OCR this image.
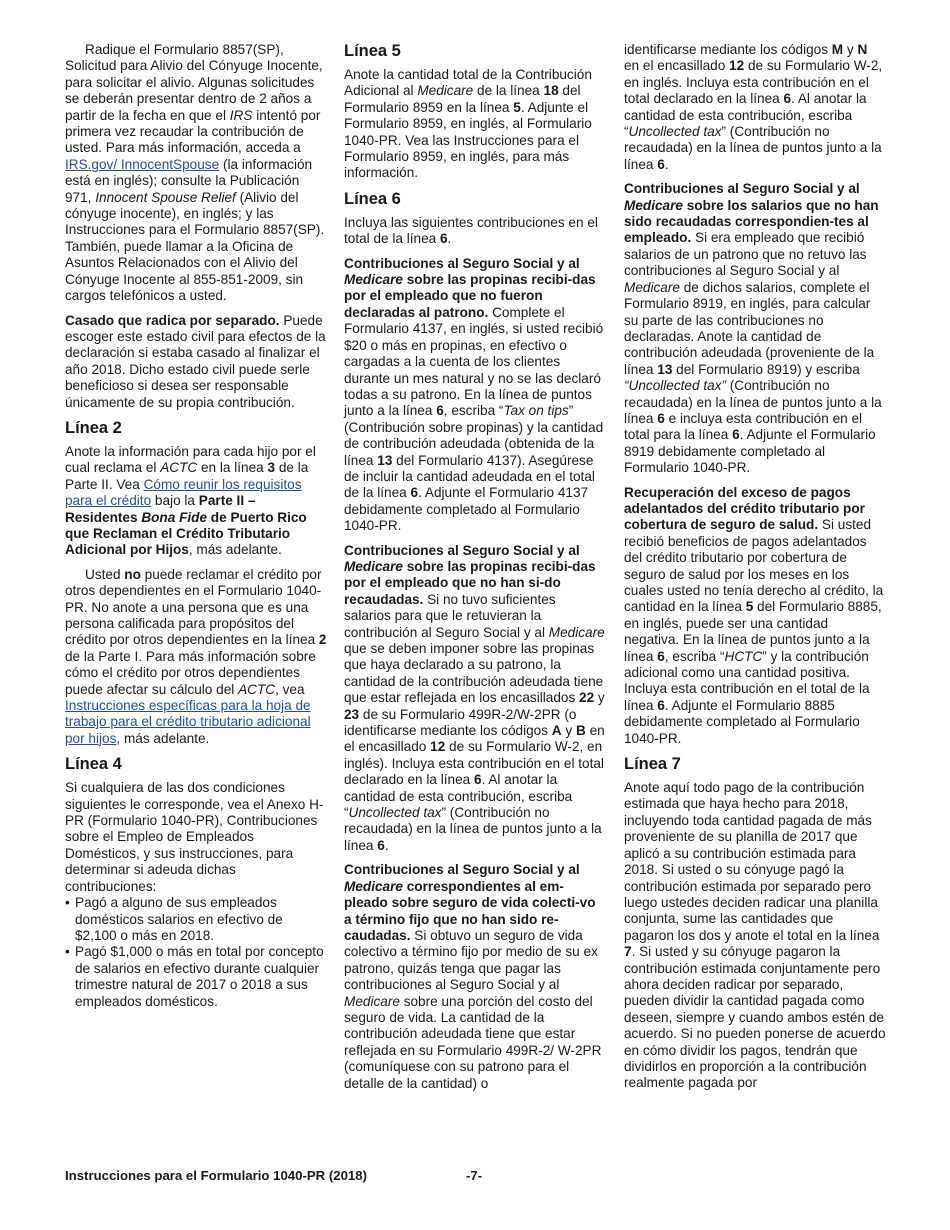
Radique el Formulario 8857(SP), Solicitud para Alivio del Cónyuge Inocente, para solicitar el alivio. Algunas solicitudes se deberán presentar dentro de 2 años a partir de la fecha en que el IRS intentó por primera vez recaudar la contribución de usted. Para más información, acceda a IRS.gov/ InnocentSpouse (la información está en inglés); consulte la Publicación 971, Innocent Spouse Relief (Alivio del cónyuge inocente), en inglés; y las Instrucciones para el Formulario 8857(SP). También, puede llamar a la Oficina de Asuntos Relacionados con el Alivio del Cónyuge Inocente al 855-851-2009, sin cargos telefónicos a usted.

Casado que radica por separado. Puede escoger este estado civil para efectos de la declaración si estaba casado al finalizar el año 2018. Dicho estado civil puede serle beneficioso si desea ser responsable únicamente de su propia contribución.

Línea 2

Anote la información para cada hijo por el cual reclama el ACTC en la línea 3 de la Parte II. Vea Cómo reunir los requisitos para el crédito bajo la Parte II –Residentes Bona Fide de Puerto Rico que Reclaman el Crédito Tributario Adicional por Hijos, más adelante.

Usted no puede reclamar el crédito por otros dependientes en el Formulario 1040-PR. No anote a una persona que es una persona calificada para propósitos del crédito por otros dependientes en la línea 2 de la Parte I. Para más información sobre cómo el crédito por otros dependientes puede afectar su cálculo del ACTC, vea Instrucciones específicas para la hoja de trabajo para el crédito tributario adicional por hijos, más adelante.

Línea 4

Si cualquiera de las dos condiciones siguientes le corresponde, vea el Anexo H-PR (Formulario 1040-PR), Contribuciones sobre el Empleo de Empleados Domésticos, y sus instrucciones, para determinar si adeuda dichas contribuciones:

• Pagó a alguno de sus empleados domésticos salarios en efectivo de $2,100 o más en 2018.
• Pagó $1,000 o más en total por concepto de salarios en efectivo durante cualquier trimestre natural de 2017 o 2018 a sus empleados domésticos.
Línea 5

Anote la cantidad total de la Contribución Adicional al Medicare de la línea 18 del Formulario 8959 en la línea 5. Adjunte el Formulario 8959, en inglés, al Formulario 1040-PR. Vea las Instrucciones para el Formulario 8959, en inglés, para más información.

Línea 6

Incluya las siguientes contribuciones en el total de la línea 6.

Contribuciones al Seguro Social y al Medicare sobre las propinas recibi-das por el empleado que no fueron declaradas al patrono. Complete el Formulario 4137, en inglés, si usted recibió $20 o más en propinas, en efectivo o cargadas a la cuenta de los clientes durante un mes natural y no se las declaró todas a su patrono. En la línea de puntos junto a la línea 6, escriba “Tax on tips” (Contribución sobre propinas) y la cantidad de contribución adeudada (obtenida de la línea 13 del Formulario 4137). Asegúrese de incluir la cantidad adeudada en el total de la línea 6. Adjunte el Formulario 4137 debidamente completado al Formulario 1040-PR.

Contribuciones al Seguro Social y al Medicare sobre las propinas recibi-das por el empleado que no han si-do recaudadas. Si no tuvo suficientes salarios para que le retuvieran la contribución al Seguro Social y al Medicare que se deben imponer sobre las propinas que haya declarado a su patrono, la cantidad de la contribución adeudada tiene que estar reflejada en los encasillados 22 y 23 de su Formulario 499R-2/W-2PR (o identificarse mediante los códigos A y B en el encasillado 12 de su Formulario W-2, en inglés). Incluya esta contribución en el total declarado en la línea 6. Al anotar la cantidad de esta contribución, escriba “Uncollected tax” (Contribución no recaudada) en la línea de puntos junto a la línea 6.

Contribuciones al Seguro Social y al Medicare correspondientes al em-pleado sobre seguro de vida colecti-vo a término fijo que no han sido re-caudadas. Si obtuvo un seguro de vida colectivo a término fijo por medio de su ex patrono, quizás tenga que pagar las contribuciones al Seguro Social y al Medicare sobre una porción del costo del seguro de vida. La cantidad de la contribución adeudada tiene que estar reflejada en su Formulario 499R-2/ W-2PR (comuníquese con su patrono para el detalle de la cantidad) o

identificarse mediante los códigos M y N en el encasillado 12 de su Formulario W-2, en inglés. Incluya esta contribución en el total declarado en la línea 6. Al anotar la cantidad de esta contribución, escriba “Uncollected tax” (Contribución no recaudada) en la línea de puntos junto a la línea 6.

Contribuciones al Seguro Social y al Medicare sobre los salarios que no han sido recaudadas correspondien-tes al empleado. Si era empleado que recibió salarios de un patrono que no retuvo las contribuciones al Seguro Social y al Medicare de dichos salarios, complete el Formulario 8919, en inglés, para calcular su parte de las contribuciones no declaradas. Anote la cantidad de contribución adeudada (proveniente de la línea 13 del Formulario 8919) y escriba “Uncollected tax” (Contribución no recaudada) en la línea de puntos junto a la línea 6 e incluya esta contribución en el total para la línea 6. Adjunte el Formulario 8919 debidamente completado al Formulario 1040-PR.

Recuperación del exceso de pagos adelantados del crédito tributario por cobertura de seguro de salud. Si usted recibió beneficios de pagos adelantados del crédito tributario por cobertura de seguro de salud por los meses en los cuales usted no tenía derecho al crédito, la cantidad en la línea 5 del Formulario 8885, en inglés, puede ser una cantidad negativa. En la línea de puntos junto a la línea 6, escriba “HCTC” y la contribución adicional como una cantidad positiva. Incluya esta contribución en el total de la línea 6. Adjunte el Formulario 8885 debidamente completado al Formulario 1040-PR.

Línea 7

Anote aquí todo pago de la contribución estimada que haya hecho para 2018, incluyendo toda cantidad pagada de más proveniente de su planilla de 2017 que aplicó a su contribución estimada para 2018. Si usted o su cónyuge pagó la contribución estimada por separado pero luego ustedes deciden radicar una planilla conjunta, sume las cantidades que pagaron los dos y anote el total en la línea 7. Si usted y su cónyuge pagaron la contribución estimada conjuntamente pero ahora deciden radicar por separado, pueden dividir la cantidad pagada como deseen, siempre y cuando ambos estén de acuerdo. Si no pueden ponerse de acuerdo en cómo dividir los pagos, tendrán que dividirlos en proporción a la contribución realmente pagada por

Instrucciones para el Formulario 1040-PR (2018)	-7-
